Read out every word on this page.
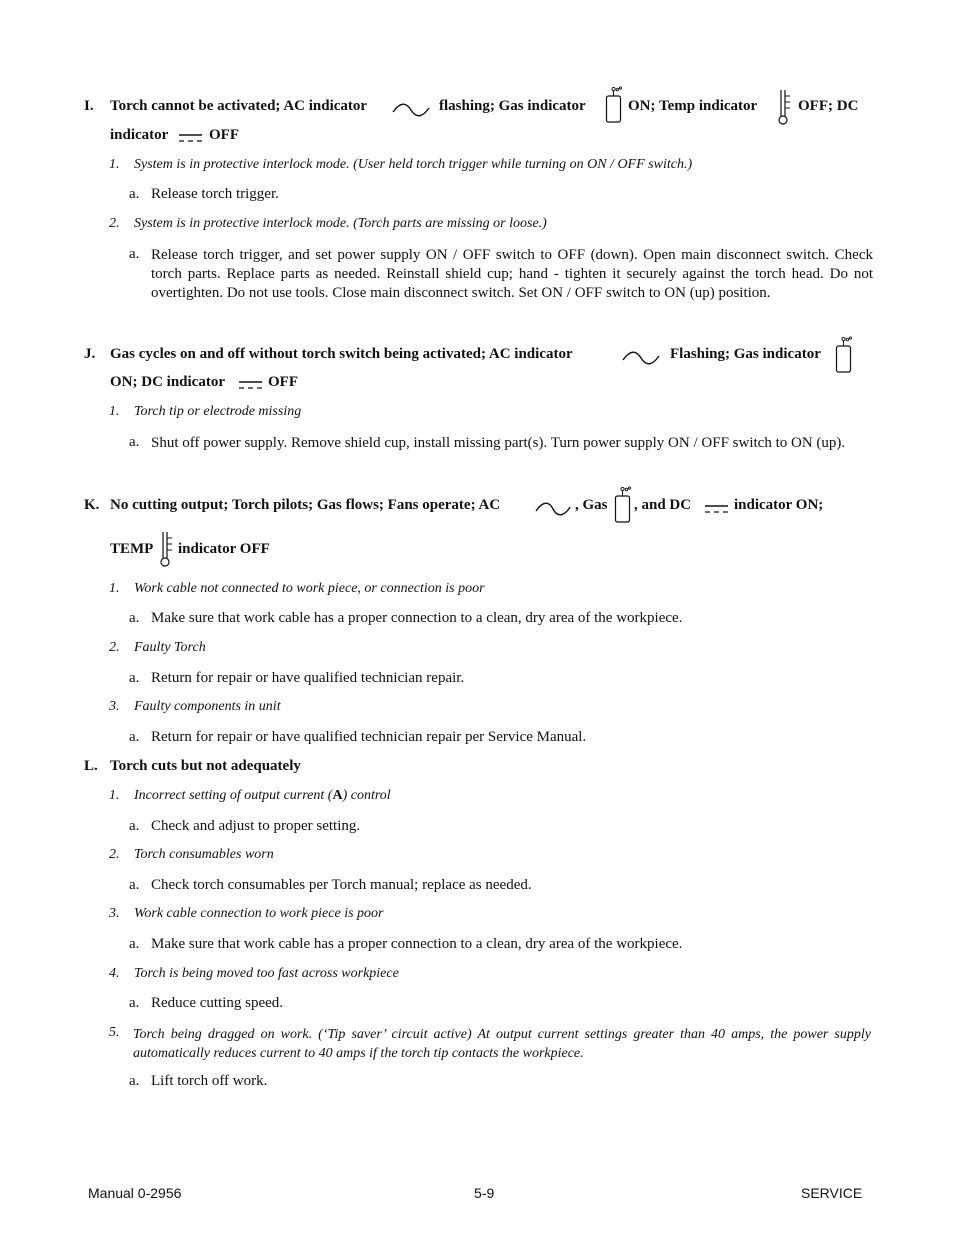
I. Torch cannot be activated; AC indicator	flashing; Gas indicator	ON; Temp indicator	OFF; DC
indicator	OFF
1. System is in protective interlock mode. (User held torch trigger while turning on ON / OFF switch.)
a. Release torch trigger.
2. System is in protective interlock mode. (Torch parts are missing or loose.)
a. Release torch trigger, and set power supply ON / OFF switch to OFF (down). Open main disconnect switch. Check torch parts. Replace parts as needed. Reinstall shield cup; hand - tighten it securely against the torch head. Do not overtighten. Do not use tools. Close main disconnect switch. Set ON / OFF switch to ON (up) position.
J. Gas cycles on and off without torch switch being activated; AC indicator	Flashing; Gas indicator
ON; DC indicator	OFF
1. Torch tip or electrode missing
a. Shut off power supply. Remove shield cup, install missing part(s). Turn power supply ON / OFF switch to ON (up).
K. No cutting output; Torch pilots; Gas flows; Fans operate; AC	, Gas , and DC	indicator ON;
TEMP indicator OFF
1. Work cable not connected to work piece, or connection is poor
a. Make sure that work cable has a proper connection to a clean, dry area of the workpiece.
2. Faulty Torch
a. Return for repair or have qualified technician repair.
3. Faulty components in unit
a. Return for repair or have qualified technician repair per Service Manual.
L. Torch cuts but not adequately
1. Incorrect setting of output current (A) control
a. Check and adjust to proper setting.
2. Torch consumables worn
a. Check torch consumables per Torch manual; replace as needed.
3. Work cable connection to work piece is poor
a. Make sure that work cable has a proper connection to a clean, dry area of the workpiece.
4. Torch is being moved too fast across workpiece
a. Reduce cutting speed.
5. Torch being dragged on work. (‘Tip saver’ circuit active) At output current settings greater than 40 amps, the power supply automatically reduces current to 40 amps if the torch tip contacts the workpiece.
a. Lift torch off work.
Manual 0-2956	5-9	SERVICE
